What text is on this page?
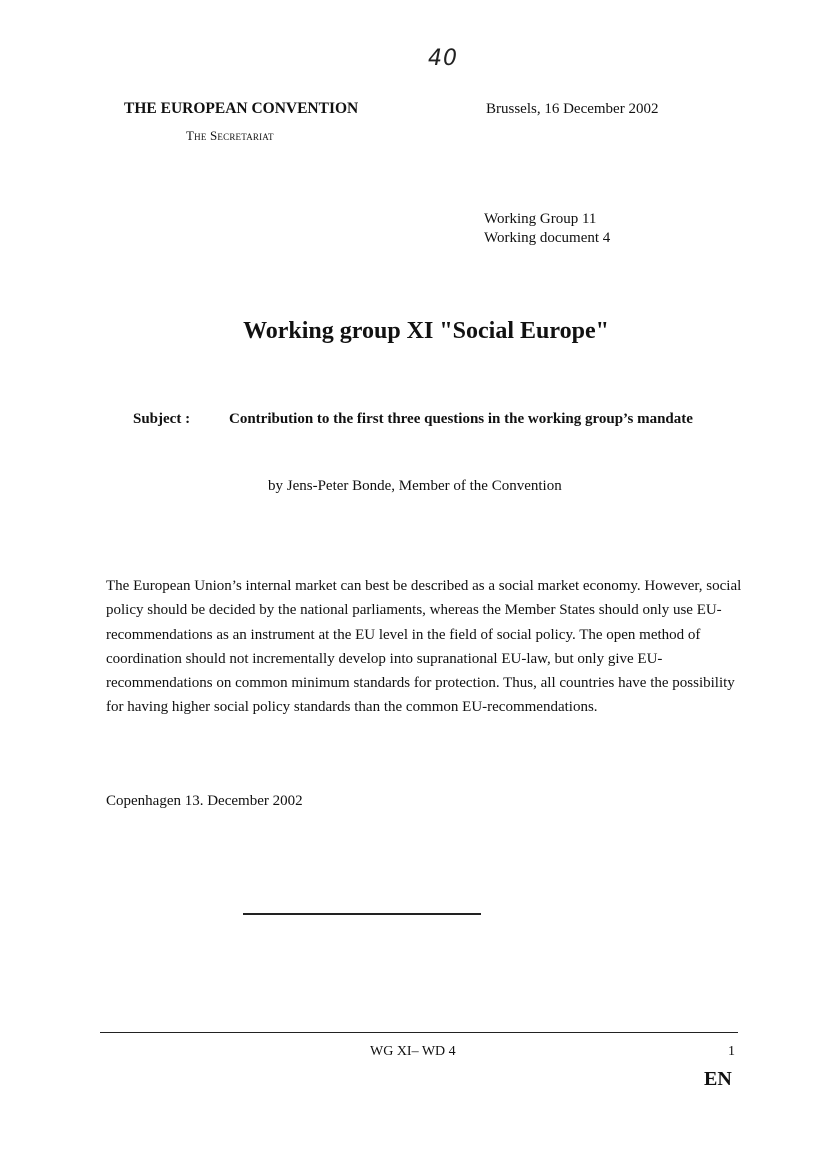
40
THE EUROPEAN CONVENTION
The Secretariat
Brussels, 16 December 2002
Working Group 11
Working document 4
Working group XI "Social Europe"
Subject :	Contribution to the first three questions in the working group’s mandate
by Jens-Peter Bonde, Member of the Convention
The European Union’s internal market can best be described as a social market economy. However, social policy should be decided by the national parliaments, whereas the Member States should only use EU-recommendations as an instrument at the EU level in the field of social policy. The open method of coordination should not incrementally develop into supranational EU-law, but only give EU-recommendations on common minimum standards for protection. Thus, all countries have the possibility for having higher social policy standards than the common EU-recommendations.
Copenhagen 13. December 2002
WG XI– WD 4	1
EN
